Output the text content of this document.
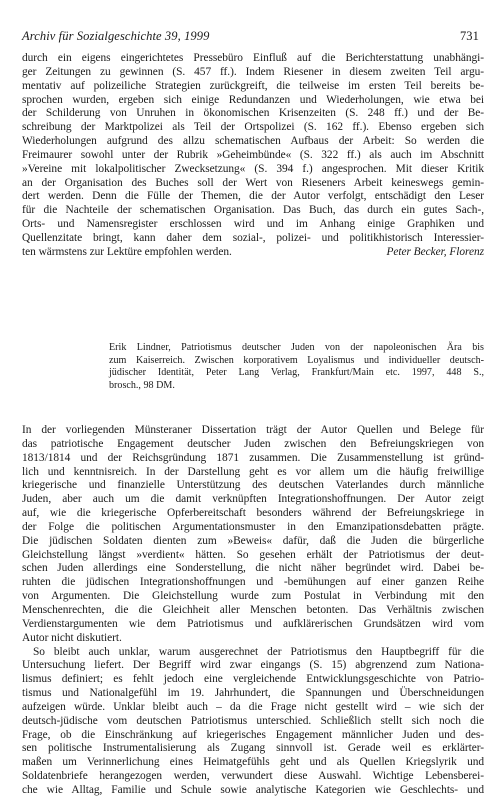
Archiv für Sozialgeschichte 39, 1999	731

durch ein eigens eingerichtetes Pressebüro Einfluß auf die Berichterstattung unabhängi-

ger Zeitungen zu gewinnen (S. 457 ff.). Indem Riesener in diesem zweiten Teil argu-

mentativ auf polizeiliche Strategien zurückgreift, die teilweise im ersten Teil bereits be-

sprochen wurden, ergeben sich einige Redundanzen und Wiederholungen, wie etwa bei

der Schilderung von Unruhen in ökonomischen Krisenzeiten (S. 248 ff.) und der Be-

schreibung der Marktpolizei als Teil der Ortspolizei (S. 162 ff.). Ebenso ergeben sich

Wiederholungen aufgrund des allzu schematischen Aufbaus der Arbeit: So werden die

Freimaurer sowohl unter der Rubrik »Geheimbünde« (S. 322 ff.) als auch im Abschnitt

»Vereine mit lokalpolitischer Zwecksetzung« (S. 394 f.) angesprochen. Mit dieser Kritik

an der Organisation des Buches soll der Wert von Rieseners Arbeit keineswegs gemin-

dert werden. Denn die Fülle der Themen, die der Autor verfolgt, entschädigt den Leser

für die Nachteile der schematischen Organisation. Das Buch, das durch ein gutes Sach-,

Orts- und Namensregister erschlossen wird und im Anhang einige Graphiken und

Quellenzitate bringt, kann daher dem sozial-, polizei- und politikhistorisch Interessier-

ten wärmstens zur Lektüre empfohlen werden.	Peter Becker, Florenz

Erik Lindner, Patriotismus deutscher Juden von der napoleonischen Ära bis

zum Kaiserreich. Zwischen korporativem Loyalismus und individueller deutsch-

jüdischer Identität, Peter Lang Verlag, Frankfurt/Main etc. 1997, 448 S.,

brosch., 98 DM.

In der vorliegenden Münsteraner Dissertation trägt der Autor Quellen und Belege für

das patriotische Engagement deutscher Juden zwischen den Befreiungskriegen von

1813/1814 und der Reichsgründung 1871 zusammen. Die Zusammenstellung ist gründ-

lich und kenntnisreich. In der Darstellung geht es vor allem um die häufig freiwillige

kriegerische und finanzielle Unterstützung des deutschen Vaterlandes durch männliche

Juden, aber auch um die damit verknüpften Integrationshoffnungen. Der Autor zeigt

auf, wie die kriegerische Opferbereitschaft besonders während der Befreiungskriege in

der Folge die politischen Argumentationsmuster in den Emanzipationsdebatten prägte.

Die jüdischen Soldaten dienten zum »Beweis« dafür, daß die Juden die bürgerliche

Gleichstellung längst »verdient« hätten. So gesehen erhält der Patriotismus der deut-

schen Juden allerdings eine Sonderstellung, die nicht näher begründet wird. Dabei be-

ruhten die jüdischen Integrationshoffnungen und -bemühungen auf einer ganzen Reihe

von Argumenten. Die Gleichstellung wurde zum Postulat in Verbindung mit den

Menschenrechten, die die Gleichheit aller Menschen betonten. Das Verhältnis zwischen

Verdienstargumenten wie dem Patriotismus und aufklärerischen Grundsätzen wird vom

Autor nicht diskutiert.

So bleibt auch unklar, warum ausgerechnet der Patriotismus den Hauptbegriff für die

Untersuchung liefert. Der Begriff wird zwar eingangs (S. 15) abgrenzend zum Nationa-

lismus definiert; es fehlt jedoch eine vergleichende Entwicklungsgeschichte von Patrio-

tismus und Nationalgefühl im 19. Jahrhundert, die Spannungen und Überschneidungen

aufzeigen würde. Unklar bleibt auch – da die Frage nicht gestellt wird – wie sich der

deutsch-jüdische vom deutschen Patriotismus unterschied. Schließlich stellt sich noch die

Frage, ob die Einschränkung auf kriegerisches Engagement männlicher Juden und des-

sen politische Instrumentalisierung als Zugang sinnvoll ist. Gerade weil es erklärter-

maßen um Verinnerlichung eines Heimatgefühls geht und als Quellen Kriegslyrik und

Soldatenbriefe herangezogen werden, verwundert diese Auswahl. Wichtige Lebensberei-

che wie Alltag, Familie und Schule sowie analytische Kategorien wie Geschlechts- und
